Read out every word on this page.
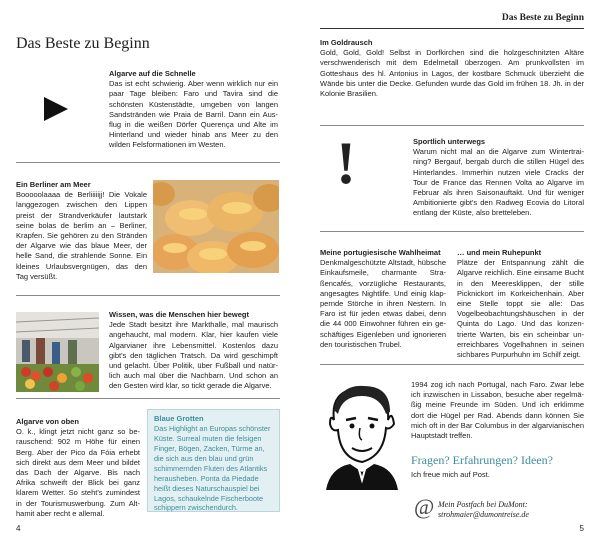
Das Beste zu Beginn
Das Beste zu Beginn
Algarve auf die Schnelle
Das ist echt schwierig. Aber wenn wirklich nur ein paar Tage bleiben: Faro und Tavira sind die schönsten Küstenstädte, umgeben von langen Sandstränden wie Praia de Barril. Dann ein Ausflug in die weißen Dörfer Querença und Alte im Hinterland und wieder hinab ans Meer zu den wilden Felsformationen im Westen.
Ein Berliner am Meer
Booooolaaaa de Berliiiiijj! Die Vokale langgezogen zwischen den Lippen preist der Strandverkäufer lautstark seine bolas de berlim an – Berliner, Krapfen. Sie gehören zu den Stränden der Algarve wie das blaue Meer, der helle Sand, die strahlende Sonne. Ein kleines Urlaubsvergnügen, das den Tag versüßt.
Wissen, was die Menschen hier bewegt
Jede Stadt besitzt ihre Markthalle, mal maurisch angehaucht, mal modern. Klar, hier kaufen viele Algarvianer ihre Lebensmittel. Kostenlos dazu gibt's den täglichen Tratsch. Da wird geschimpft und gelacht. Über Politik, über Fußball und natürlich auch mal über die Nachbarn. Und schon an den Gesten wird klar, so tickt gerade die Algarve.
Algarve von oben
O. k., klingt jetzt nicht ganz so berauschend: 902 m Höhe für einen Berg. Aber der Pico da Fóia erhebt sich direkt aus dem Meer und bildet das Dach der Algarve. Bis nach Afrika schweift der Blick bei ganz klarem Wetter. So steht's zumindest in der Tourismuswerbung. Zum Althamit aber recht e allemal.
Blaue Grotten
Das Highlight an Europas schönster Küste. Surreal muten die felsigen Finger, Bögen, Zacken, Türme an, die sich aus den blau und grün schimmernden Fluten des Atlantiks herausheben. Ponta da Piedade heißt dieses Naturschauspiel bei Lagos, schaukelnde Fischerboote schippern zwischendurch.
4
Im Goldrausch
Gold, Gold, Gold! Selbst in Dorfkirchen sind die holzgeschnitzten Altäre verschwenderisch mit dem Edelmetall überzogen. Am prunkvollsten im Gotteshaus des hl. Antonius in Lagos, der kostbare Schmuck überzieht die Wände bis unter die Decke. Gefunden wurde das Gold im frühen 18. Jh. in der Kolonie Brasilien.
!	Sportlich unterwegs
Warum nicht mal an die Algarve zum Wintertraining? Bergauf, bergab durch die stillen Hügel des Hinterlandes. Immerhin nutzen viele Cracks der Tour de France das Rennen Volta ao Algarve im Februar als ihren Saisonauftakt. Und für weniger Ambitionierte gibt's den Radweg Ecovia do Litoral entlang der Küste, also bretteleben.
Meine portugiesische Wahlheimat
Denkmalgeschützte Altstadt, hübsche Einkaufsmeile, charmante Straßencafés, vorzügliche Restaurants, angesagtes Nightlife. Und einig klappernde Störche in ihren Nestern. In Faro ist für jeden etwas dabei, denn die 44 000 Einwohner führen ein geschäftiges Eigenleben und ignorieren den touristischen Trubel.
… und mein Ruhepunkt
Plätze der Entspannung zählt die Algarve reichlich. Eine einsame Bucht in den Meeresklippen, der stille Picknickort im Korkeichenhain. Aber eine Stelle toppt sie alle: Das Vogelbeobachtungshäuschen in der Quinta do Lago. Und das konzentrierte Warten, bis ein scheinbar unerreichbares Vogelhahnen in seinen sichbares Purpurhuhn im Schilf zeigt.
1994 zog ich nach Portugal, nach Faro. Zwar lebe ich inzwischen in Lissabon, besuche aber regelmäßig meine Freunde im Süden. Und ich erklimme dort die Hügel per Rad. Abends dann können Sie mich oft in der Bar Columbus in der algarvianischen Hauptstadt treffen.
Fragen? Erfahrungen? Ideen?
Ich freue mich auf Post.
@ Mein Postfach bei DuMont:
strohmaier@dumontreise.de
5
